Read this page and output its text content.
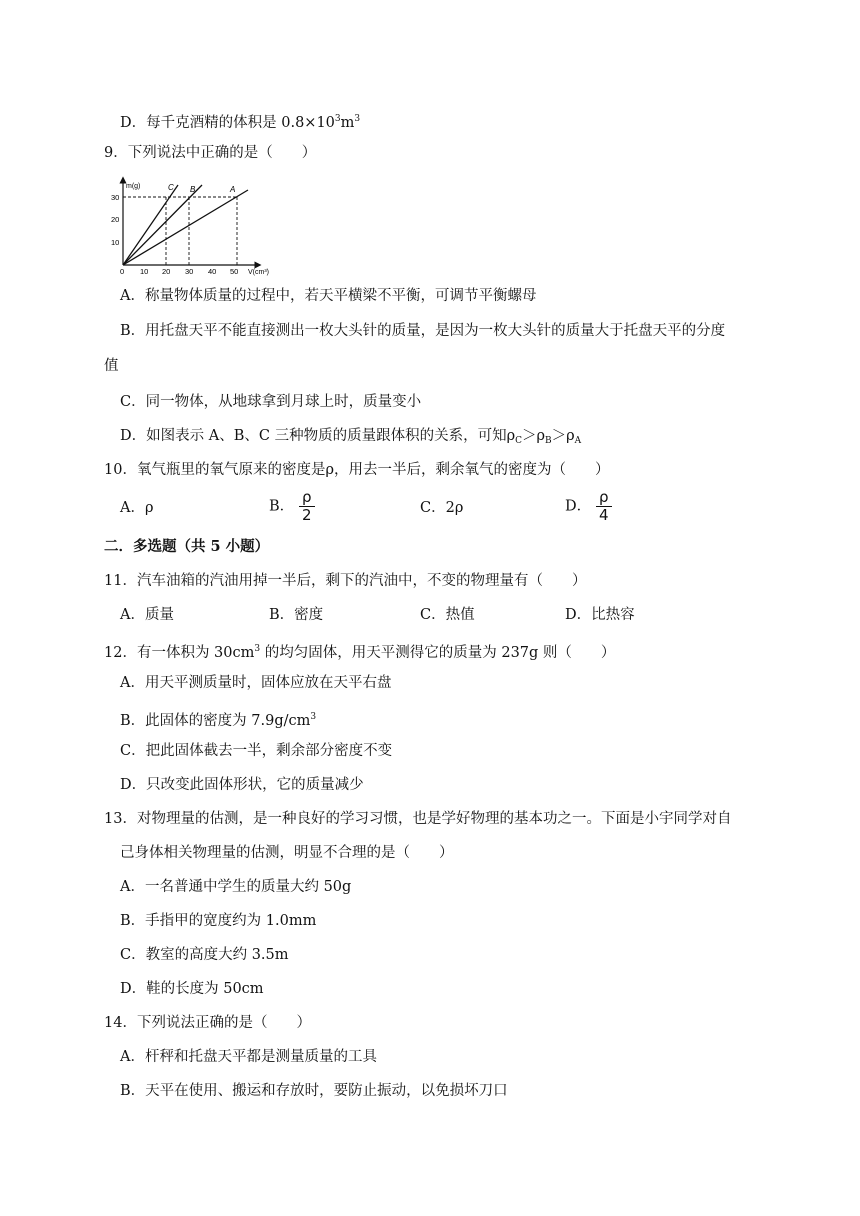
D．每千克酒精的体积是 $0.8\times 10^3m^3$
9．下列说法中正确的是（　　）
m(g)
V(cm³)
30
20
10
0 10 20 30 40 50
C B	A
A．称量物体质量的过程中，若天平横梁不平衡，可调节平衡螺母
B．用托盘天平不能直接测出一枚大头针的质量，是因为一枚大头针的质量大于托盘天平的分度
值
C．同一物体，从地球拿到月球上时，质量变小
D．如图表示 A、B、C 三种物质的质量跟体积的关系，可知$\rho_C>\rho_B>\rho_A$
10．氧气瓶里的氧气原来的密度是ρ，用去一半后，剩余氧气的密度为（　　）
A．ρ	B． $\frac{\rho}{2}$	C．2ρ	D． $\frac{\rho}{4}$
二．多选题（共 5 小题）
11．汽车油箱的汽油用掉一半后，剩下的汽油中，不变的物理量有（　　）
A．质量	B．密度	C．热值	D．比热容
12．有一体积为 $30cm^3$ 的均匀固体，用天平测得它的质量为 237g 则（　　）
A．用天平测质量时，固体应放在天平右盘
B．此固体的密度为 $7.9g/cm^3$
C．把此固体截去一半，剩余部分密度不变
D．只改变此固体形状，它的质量减少
13．对物理量的估测，是一种良好的学习习惯，也是学好物理的基本功之一。下面是小宇同学对自
己身体相关物理量的估测，明显不合理的是（　　）
A．一名普通中学生的质量大约 50g
B．手指甲的宽度约为 1.0mm
C．教室的高度大约 3.5m
D．鞋的长度为 50cm
14．下列说法正确的是（　　）
A．杆秤和托盘天平都是测量质量的工具
B．天平在使用、搬运和存放时，要防止振动，以免损坏刀口
